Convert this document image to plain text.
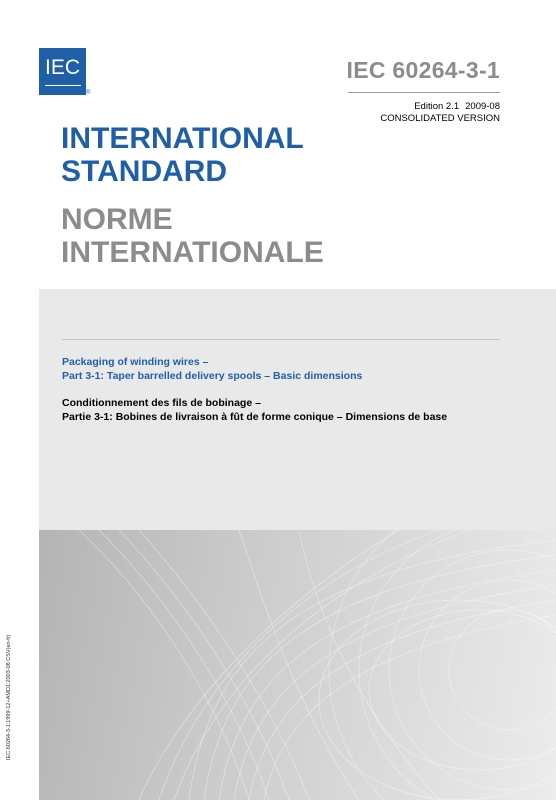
IEC
®
IEC 60264-3-1
Edition 2.1 2009-08
CONSOLIDATED VERSION
INTERNATIONAL
STANDARD
NORME
INTERNATIONALE
Packaging of winding wires –
Part 3-1: Taper barrelled delivery spools – Basic dimensions
Conditionnement des fils de bobinage –
Partie 3-1: Bobines de livraison à fût de forme conique – Dimensions de base
IEC 60264-3-1:1999-12+AMD1:2003-08 CSV(en-fr)
